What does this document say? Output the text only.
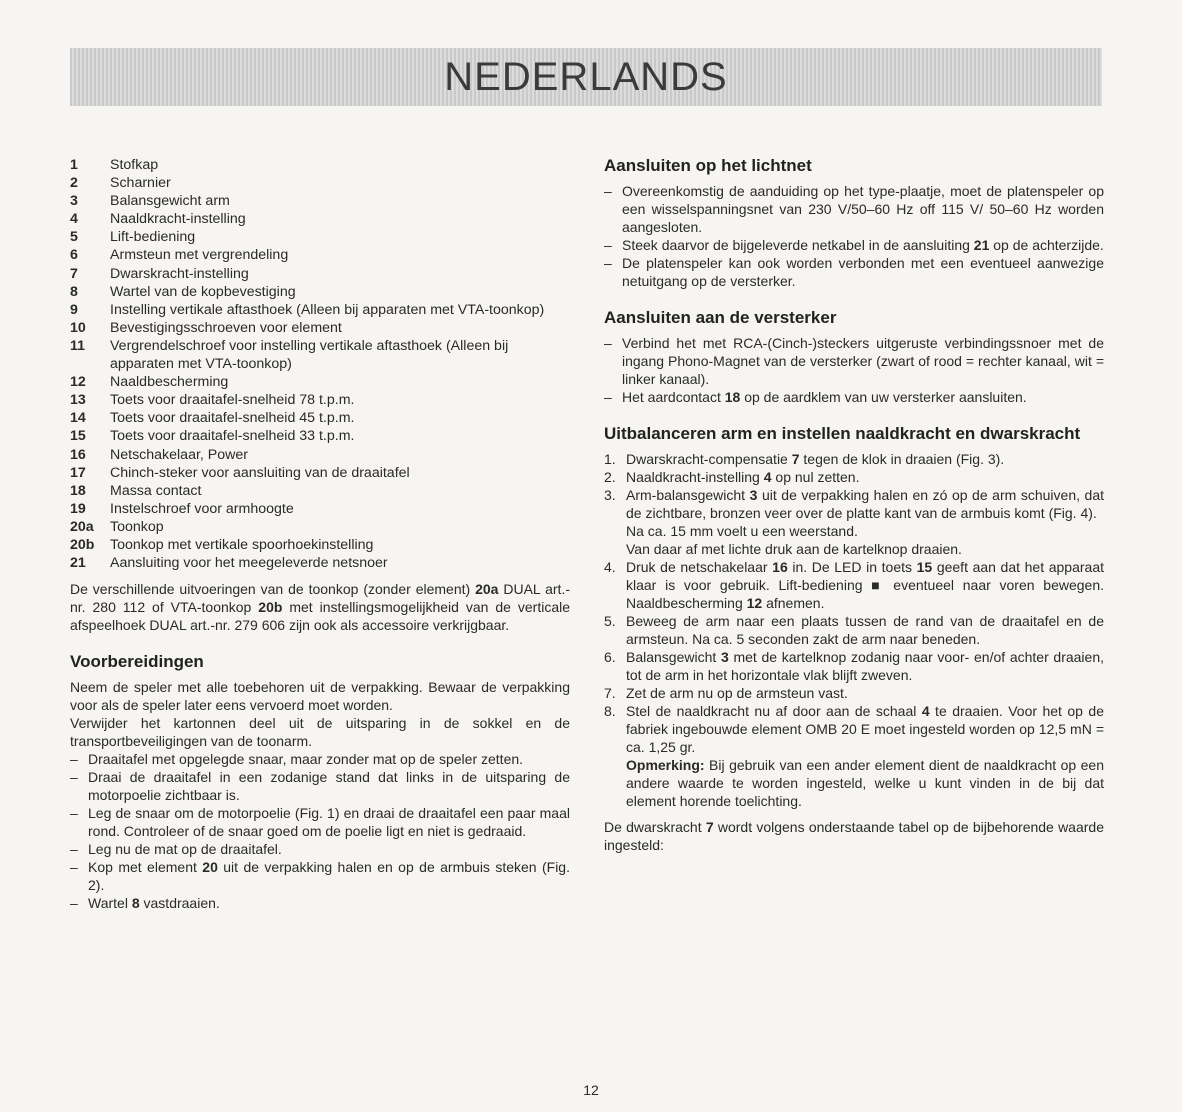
NEDERLANDS
1	Stofkap
2	Scharnier
3	Balansgewicht arm
4	Naaldkracht-instelling
5	Lift-bediening
6	Armsteun met vergrendeling
7	Dwarskracht-instelling
8	Wartel van de kopbevestiging
9	Instelling vertikale aftasthoek (Alleen bij apparaten met VTA-toonkop)
10	Bevestigingsschroeven voor element
11	Vergrendelschroef voor instelling vertikale aftasthoek (Alleen bij apparaten met VTA-toonkop)
12	Naaldbescherming
13	Toets voor draaitafel-snelheid 78 t.p.m.
14	Toets voor draaitafel-snelheid 45 t.p.m.
15	Toets voor draaitafel-snelheid 33 t.p.m.
16	Netschakelaar, Power
17	Chinch-steker voor aansluiting van de draaitafel
18	Massa contact
19	Instelschroef voor armhoogte
20a	Toonkop
20b	Toonkop met vertikale spoorhoekinstelling
21	Aansluiting voor het meegeleverde netsnoer

De verschillende uitvoeringen van de toonkop (zonder element) 20a DUAL art.-nr. 280 112 of VTA-toonkop 20b met instellingsmogelijkheid van de verticale afspeelhoek DUAL art.-nr. 279 606 zijn ook als accessoire verkrijgbaar.

Voorbereidingen

Neem de speler met alle toebehoren uit de verpakking. Bewaar de verpakking voor als de speler later eens vervoerd moet worden.

Verwijder het kartonnen deel uit de uitsparing in de sokkel en de transportbeveiligingen van de toonarm.

– Draaitafel met opgelegde snaar, maar zonder mat op de speler zetten.
– Draai de draaitafel in een zodanige stand dat links in de uitsparing de motorpoelie zichtbaar is.
– Leg de snaar om de motorpoelie (Fig. 1) en draai de draaitafel een paar maal rond. Controleer of de snaar goed om de poelie ligt en niet is gedraaid.
– Leg nu de mat op de draaitafel.
– Kop met element 20 uit de verpakking halen en op de armbuis steken (Fig. 2).
– Wartel 8 vastdraaien.
Aansluiten op het lichtnet
– Overeenkomstig de aanduiding op het type-plaatje, moet de platenspeler op een wisselspanningsnet van 230 V/50–60 Hz off 115 V/ 50–60 Hz worden aangesloten.
– Steek daarvor de bijgeleverde netkabel in de aansluiting 21 op de achterzijde.
– De platenspeler kan ook worden verbonden met een eventueel aanwezige netuitgang op de versterker.
Aansluiten aan de versterker
– Verbind het met RCA-(Cinch-)steckers uitgeruste verbindingssnoer met de ingang Phono-Magnet van de versterker (zwart of rood = rechter kanaal, wit = linker kanaal).
– Het aardcontact 18 op de aardklem van uw versterker aansluiten.
Uitbalanceren arm en instellen naaldkracht en dwarskracht
1. Dwarskracht-compensatie 7 tegen de klok in draaien (Fig. 3).
2. Naaldkracht-instelling 4 op nul zetten.
3. Arm-balansgewicht 3 uit de verpakking halen en zó op de arm schuiven, dat de zichtbare, bronzen veer over de platte kant van de armbuis komt (Fig. 4).
Na ca. 15 mm voelt u een weerstand.
Van daar af met lichte druk aan de kartelknop draaien.
4. Druk de netschakelaar 16 in. De LED in toets 15 geeft aan dat het apparaat klaar is voor gebruik. Lift-bediening ■ eventueel naar voren bewegen. Naaldbescherming 12 afnemen.
5. Beweeg de arm naar een plaats tussen de rand van de draaitafel en de armsteun. Na ca. 5 seconden zakt de arm naar beneden.
6. Balansgewicht 3 met de kartelknop zodanig naar voor- en/of achter draaien, tot de arm in het horizontale vlak blijft zweven.
7. Zet de arm nu op de armsteun vast.
8. Stel de naaldkracht nu af door aan de schaal 4 te draaien. Voor het op de fabriek ingebouwde element OMB 20 E moet ingesteld worden op 12,5 mN = ca. 1,25 gr.
Opmerking: Bij gebruik van een ander element dient de naaldkracht op een andere waarde te worden ingesteld, welke u kunt vinden in de bij dat element horende toelichting.

De dwarskracht 7 wordt volgens onderstaande tabel op de bijbehorende waarde ingesteld:

12
